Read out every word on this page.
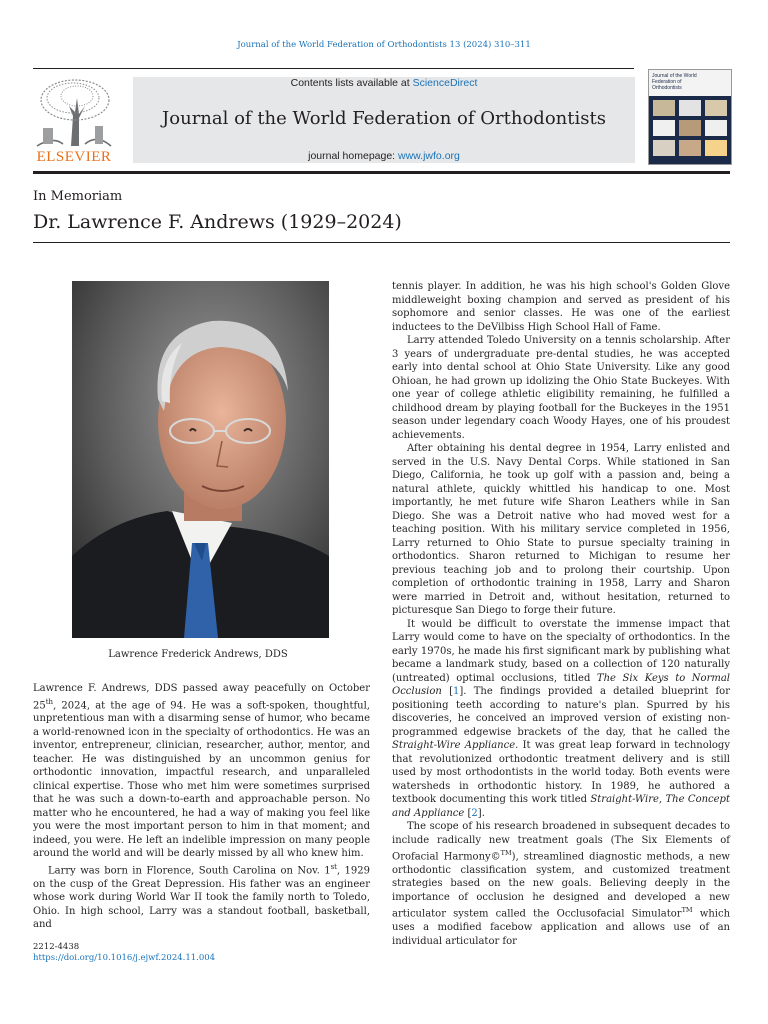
Journal of the World Federation of Orthodontists 13 (2024) 310–311
ELSEVIER
Contents lists available at ScienceDirect
Journal of the World Federation of Orthodontists
journal homepage: www.jwfo.org
Journal of the World Federation of Orthodontists
In Memoriam
Dr. Lawrence F. Andrews (1929–2024)
Lawrence Frederick Andrews, DDS

Lawrence F. Andrews, DDS passed away peacefully on October 25th, 2024, at the age of 94. He was a soft-spoken, thoughtful, unpretentious man with a disarming sense of humor, who became a world-renowned icon in the specialty of orthodontics. He was an inventor, entrepreneur, clinician, researcher, author, mentor, and teacher. He was distinguished by an uncommon genius for orthodontic innovation, impactful research, and unparalleled clinical expertise. Those who met him were sometimes surprised that he was such a down-to-earth and approachable person. No matter who he encountered, he had a way of making you feel like you were the most important person to him in that moment; and indeed, you were. He left an indelible impression on many people around the world and will be dearly missed by all who knew him.

Larry was born in Florence, South Carolina on Nov. 1st, 1929 on the cusp of the Great Depression. His father was an engineer whose work during World War II took the family north to Toledo, Ohio. In high school, Larry was a standout football, basketball, and

tennis player. In addition, he was his high school's Golden Glove middleweight boxing champion and served as president of his sophomore and senior classes. He was one of the earliest inductees to the DeVilbiss High School Hall of Fame.

Larry attended Toledo University on a tennis scholarship. After 3 years of undergraduate pre-dental studies, he was accepted early into dental school at Ohio State University. Like any good Ohioan, he had grown up idolizing the Ohio State Buckeyes. With one year of college athletic eligibility remaining, he fulfilled a childhood dream by playing football for the Buckeyes in the 1951 season under legendary coach Woody Hayes, one of his proudest achievements.

After obtaining his dental degree in 1954, Larry enlisted and served in the U.S. Navy Dental Corps. While stationed in San Diego, California, he took up golf with a passion and, being a natural athlete, quickly whittled his handicap to one. Most importantly, he met future wife Sharon Leathers while in San Diego. She was a Detroit native who had moved west for a teaching position. With his military service completed in 1956, Larry returned to Ohio State to pursue specialty training in orthodontics. Sharon returned to Michigan to resume her previous teaching job and to prolong their courtship. Upon completion of orthodontic training in 1958, Larry and Sharon were married in Detroit and, without hesitation, returned to picturesque San Diego to forge their future.

It would be difficult to overstate the immense impact that Larry would come to have on the specialty of orthodontics. In the early 1970s, he made his first significant mark by publishing what became a landmark study, based on a collection of 120 naturally (untreated) optimal occlusions, titled The Six Keys to Normal Occlusion [1]. The findings provided a detailed blueprint for positioning teeth according to nature's plan. Spurred by his discoveries, he conceived an improved version of existing non-programmed edgewise brackets of the day, that he called the Straight-Wire Appliance. It was great leap forward in technology that revolutionized orthodontic treatment delivery and is still used by most orthodontists in the world today. Both events were watersheds in orthodontic history. In 1989, he authored a textbook documenting this work titled Straight-Wire, The Concept and Appliance [2].

The scope of his research broadened in subsequent decades to include radically new treatment goals (The Six Elements of Orofacial Harmony©™), streamlined diagnostic methods, a new orthodontic classification system, and customized treatment strategies based on the new goals. Believing deeply in the importance of occlusion he designed and developed a new articulator system called the Occlusofacial Simulator™ which uses a modified facebow application and allows use of an individual articulator for

2212-4438
https://doi.org/10.1016/j.ejwf.2024.11.004
